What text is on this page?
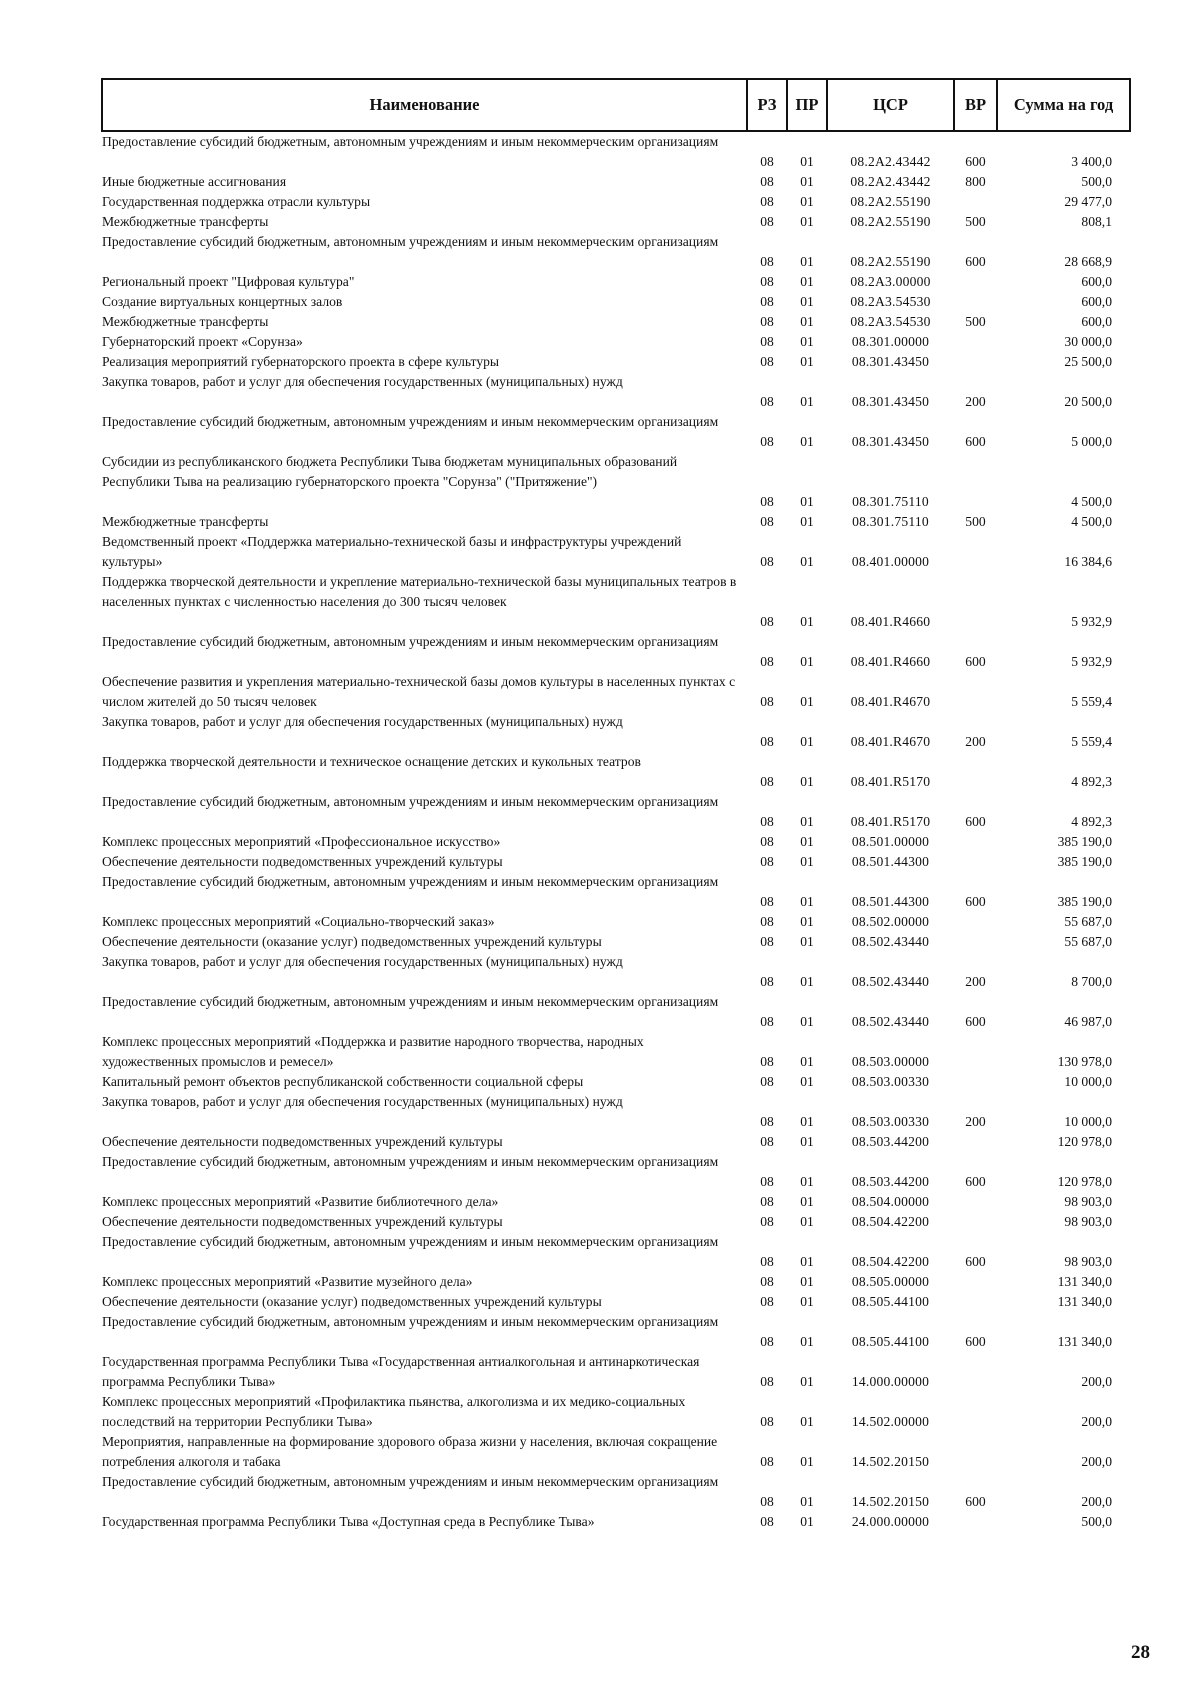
Наименование	РЗ	ПР	ЦСР	ВР	Сумма на год
Предоставление субсидий бюджетным, автономным учреждениям и иным некоммерческим организациям	08	01	08.2А2.43442	600	3 400,0
Иные бюджетные ассигнования	08	01	08.2А2.43442	800	500,0
Государственная поддержка отрасли культуры	08	01	08.2А2.55190		29 477,0
Межбюджетные трансферты	08	01	08.2А2.55190	500	808,1
Предоставление субсидий бюджетным, автономным учреждениям и иным некоммерческим организациям	08	01	08.2А2.55190	600	28 668,9
Региональный проект "Цифровая культура"	08	01	08.2А3.00000		600,0
Создание виртуальных концертных залов	08	01	08.2А3.54530		600,0
Межбюджетные трансферты	08	01	08.2А3.54530	500	600,0
Губернаторский проект «Сорунза»	08	01	08.301.00000		30 000,0
Реализация мероприятий губернаторского проекта в сфере культуры	08	01	08.301.43450		25 500,0
Закупка товаров, работ и услуг для обеспечения государственных (муниципальных) нужд	08	01	08.301.43450	200	20 500,0
Предоставление субсидий бюджетным, автономным учреждениям и иным некоммерческим организациям	08	01	08.301.43450	600	5 000,0
Субсидии из республиканского бюджета Республики Тыва бюджетам муниципальных образований Республики Тыва на реализацию губернаторского проекта "Сорунза" ("Притяжение")	08	01	08.301.75110		4 500,0
Межбюджетные трансферты	08	01	08.301.75110	500	4 500,0
Ведомственный проект «Поддержка материально-технической базы и инфраструктуры учреждений культуры»	08	01	08.401.00000		16 384,6
Поддержка творческой деятельности и укрепление материально-технической базы муниципальных театров в населенных пунктах с численностью населения до 300 тысяч человек	08	01	08.401.R4660		5 932,9
Предоставление субсидий бюджетным, автономным учреждениям и иным некоммерческим организациям	08	01	08.401.R4660	600	5 932,9
Обеспечение развития и укрепления материально-технической базы домов культуры в населенных пунктах с числом жителей до 50 тысяч человек	08	01	08.401.R4670		5 559,4
Закупка товаров, работ и услуг для обеспечения государственных (муниципальных) нужд	08	01	08.401.R4670	200	5 559,4
Поддержка творческой деятельности и техническое оснащение детских и кукольных театров	08	01	08.401.R5170		4 892,3
Предоставление субсидий бюджетным, автономным учреждениям и иным некоммерческим организациям	08	01	08.401.R5170	600	4 892,3
Комплекс процессных мероприятий «Профессиональное искусство»	08	01	08.501.00000		385 190,0
Обеспечение деятельности подведомственных учреждений культуры	08	01	08.501.44300		385 190,0
Предоставление субсидий бюджетным, автономным учреждениям и иным некоммерческим организациям	08	01	08.501.44300	600	385 190,0
Комплекс процессных мероприятий «Социально-творческий заказ»	08	01	08.502.00000		55 687,0
Обеспечение деятельности (оказание услуг) подведомственных учреждений культуры	08	01	08.502.43440		55 687,0
Закупка товаров, работ и услуг для обеспечения государственных (муниципальных) нужд	08	01	08.502.43440	200	8 700,0
Предоставление субсидий бюджетным, автономным учреждениям и иным некоммерческим организациям	08	01	08.502.43440	600	46 987,0
Комплекс процессных мероприятий «Поддержка и развитие народного творчества, народных художественных промыслов и ремесел»	08	01	08.503.00000		130 978,0
Капитальный ремонт объектов республиканской собственности социальной сферы	08	01	08.503.00330		10 000,0
Закупка товаров, работ и услуг для обеспечения государственных (муниципальных) нужд	08	01	08.503.00330	200	10 000,0
Обеспечение деятельности подведомственных учреждений культуры	08	01	08.503.44200		120 978,0
Предоставление субсидий бюджетным, автономным учреждениям и иным некоммерческим организациям	08	01	08.503.44200	600	120 978,0
Комплекс процессных мероприятий «Развитие библиотечного дела»	08	01	08.504.00000		98 903,0
Обеспечение деятельности подведомственных учреждений культуры	08	01	08.504.42200		98 903,0
Предоставление субсидий бюджетным, автономным учреждениям и иным некоммерческим организациям	08	01	08.504.42200	600	98 903,0
Комплекс процессных мероприятий «Развитие музейного дела»	08	01	08.505.00000		131 340,0
Обеспечение деятельности (оказание услуг) подведомственных учреждений культуры	08	01	08.505.44100		131 340,0
Предоставление субсидий бюджетным, автономным учреждениям и иным некоммерческим организациям	08	01	08.505.44100	600	131 340,0
Государственная программа Республики Тыва «Государственная антиалкогольная и антинаркотическая программа Республики Тыва»	08	01	14.000.00000		200,0
Комплекс процессных мероприятий «Профилактика пьянства, алкоголизма и их медико-социальных последствий на территории Республики Тыва»	08	01	14.502.00000		200,0
Мероприятия, направленные на формирование здорового образа жизни у населения, включая сокращение потребления алкоголя и табака	08	01	14.502.20150		200,0
Предоставление субсидий бюджетным, автономным учреждениям и иным некоммерческим организациям	08	01	14.502.20150	600	200,0
Государственная программа Республики Тыва «Доступная среда в Республике Тыва»	08	01	24.000.00000		500,0
28
